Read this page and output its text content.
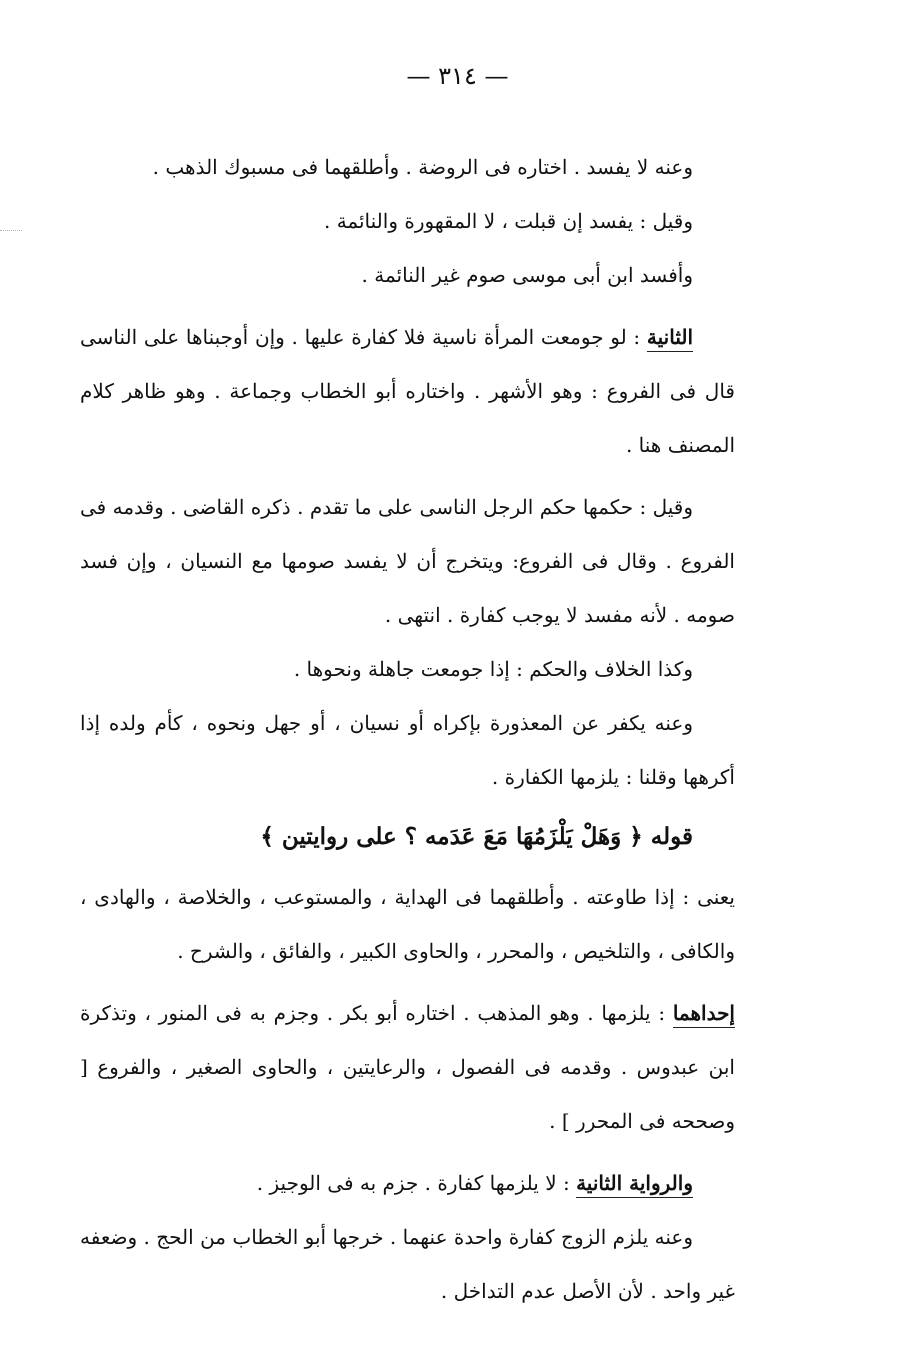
— ٣١٤ —

وعنه لا يفسد . اختاره فى الروضة . وأطلقهما فى مسبوك الذهب .

وقيل : يفسد إن قبلت ، لا المقهورة والنائمة .

وأفسد ابن أبى موسى صوم غير النائمة .

الثانية : لو جومعت المرأة ناسية فلا كفارة عليها . وإن أوجبناها على الناسى قال فى الفروع : وهو الأشهر . واختاره أبو الخطاب وجماعة . وهو ظاهر كلام المصنف هنا .

وقيل : حكمها حكم الرجل الناسى على ما تقدم . ذكره القاضى . وقدمه فى الفروع . وقال فى الفروع: ويتخرج أن لا يفسد صومها مع النسيان ، وإن فسد صومه . لأنه مفسد لا يوجب كفارة . انتهى .

وكذا الخلاف والحكم : إذا جومعت جاهلة ونحوها .

وعنه يكفر عن المعذورة بإكراه أو نسيان ، أو جهل ونحوه ، كأم ولده إذا أكرهها وقلنا : يلزمها الكفارة .

قوله ﴿ وَهَلْ يَلْزَمُهَا مَعَ عَدَمه ؟ على روايتين ﴾

يعنى : إذا طاوعته . وأطلقهما فى الهداية ، والمستوعب ، والخلاصة ، والهادى ، والكافى ، والتلخيص ، والمحرر ، والحاوى الكبير ، والفائق ، والشرح .

إحداهما : يلزمها . وهو المذهب . اختاره أبو بكر . وجزم به فى المنور ، وتذكرة ابن عبدوس . وقدمه فى الفصول ، والرعايتين ، والحاوى الصغير ، والفروع [ وصححه فى المحرر ] .

والرواية الثانية : لا يلزمها كفارة . جزم به فى الوجيز .

وعنه يلزم الزوج كفارة واحدة عنهما . خرجها أبو الخطاب من الحج . وضعفه غير واحد . لأن الأصل عدم التداخل .
